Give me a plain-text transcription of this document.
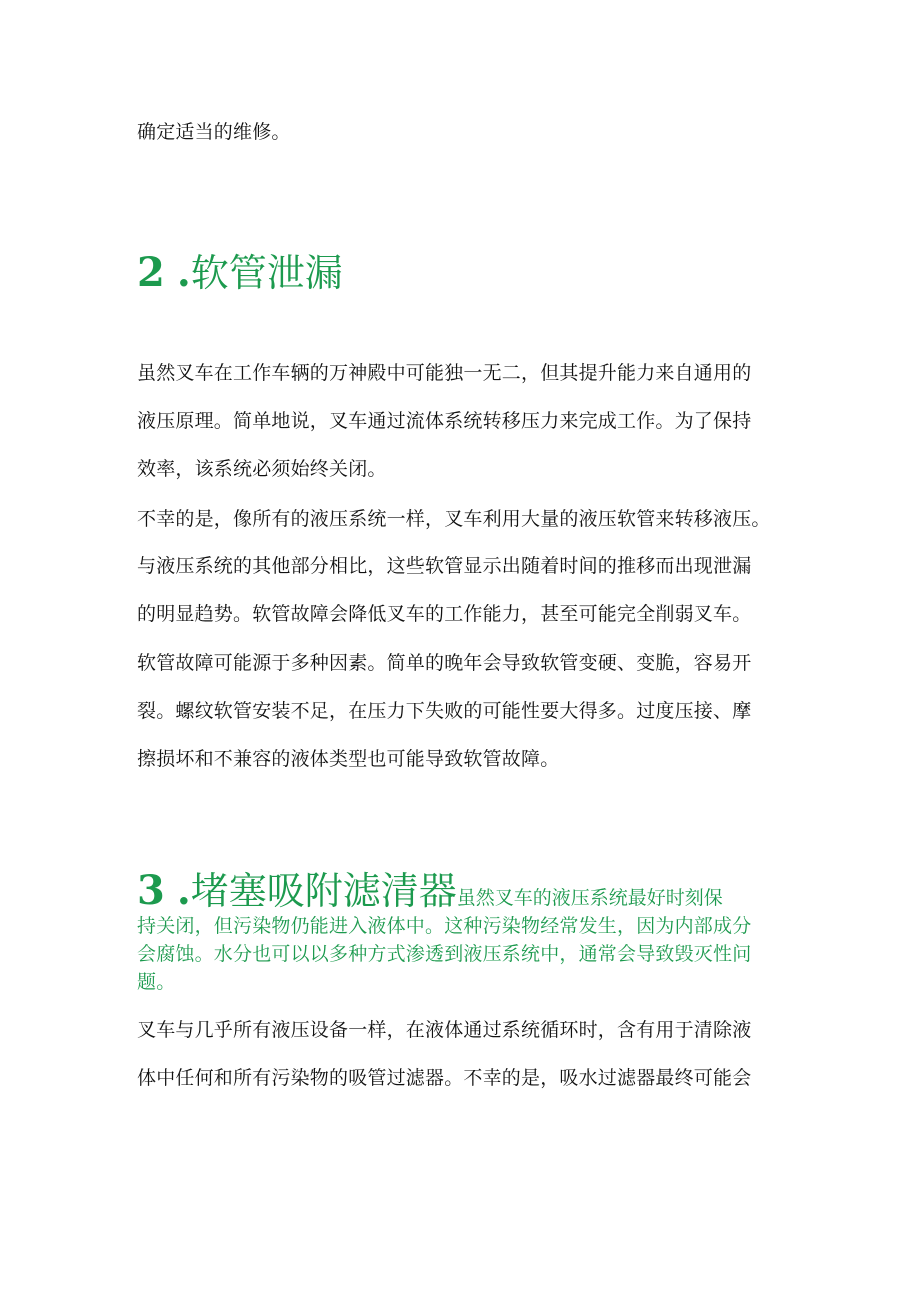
确定适当的维修。
2 .软管泄漏
虽然叉车在工作车辆的万神殿中可能独一无二，但其提升能力来自通用的
液压原理。简单地说，叉车通过流体系统转移压力来完成工作。为了保持
效率，该系统必须始终关闭。
不幸的是，像所有的液压系统一样，叉车利用大量的液压软管来转移液压。
与液压系统的其他部分相比，这些软管显示出随着时间的推移而出现泄漏
的明显趋势。软管故障会降低叉车的工作能力，甚至可能完全削弱叉车。
软管故障可能源于多种因素。简单的晚年会导致软管变硬、变脆，容易开
裂。螺纹软管安装不足，在压力下失败的可能性要大得多。过度压接、摩
擦损坏和不兼容的液体类型也可能导致软管故障。
3 .堵塞吸附滤清器虽然叉车的液压系统最好时刻保
持关闭，但污染物仍能进入液体中。这种污染物经常发生，因为内部成分
会腐蚀。水分也可以以多种方式渗透到液压系统中，通常会导致毁灭性问
题。
叉车与几乎所有液压设备一样，在液体通过系统循环时，含有用于清除液
体中任何和所有污染物的吸管过滤器。不幸的是，吸水过滤器最终可能会
